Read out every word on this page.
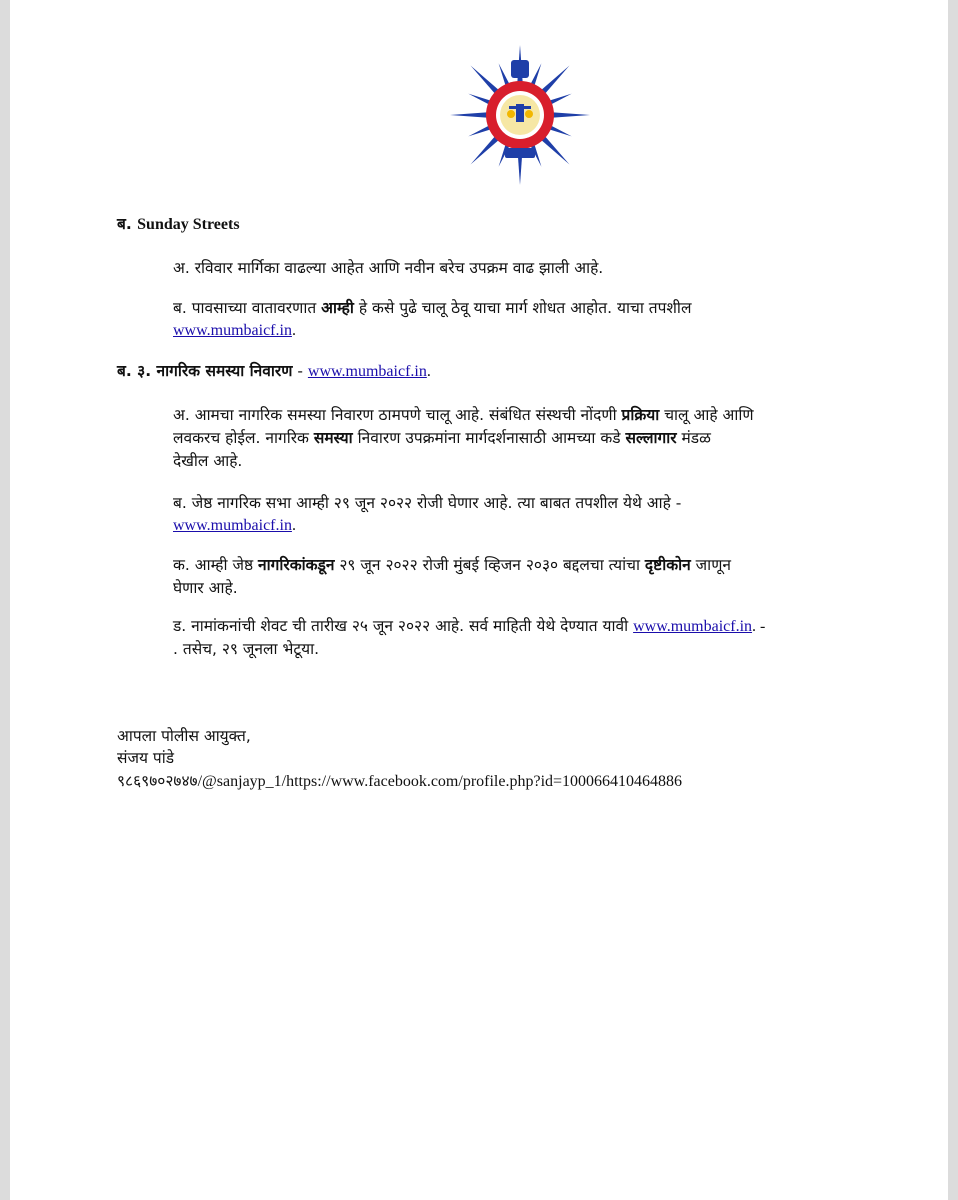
ब. Sunday Streets
अ. रविवार मार्गिका वाढल्या आहेत आणि नवीन बरेच उपक्रम वाढ झाली आहे.
ब. पावसाच्या वातावरणात आम्ही हे कसे पुढे चालू ठेवू याचा मार्ग शोधत आहोत. याचा तपशील
www.mumbaicf.in.
ब. ३. नागरिक समस्या निवारण - www.mumbaicf.in.
अ. आमचा नागरिक समस्या निवारण ठामपणे चालू आहे. संबंधित संस्थची नोंदणी प्रक्रिया चालू आहे आणि
लवकरच होईल. नागरिक समस्या निवारण उपक्रमांना मार्गदर्शनासाठी आमच्या कडे सल्लागार मंडळ
देखील आहे.
ब. जेष्ठ नागरिक सभा आम्ही २९ जून २०२२ रोजी घेणार आहे. त्या बाबत तपशील येथे आहे -
www.mumbaicf.in.
क. आम्ही जेष्ठ नागरिकांकडून २९ जून २०२२ रोजी मुंबई व्हिजन २०३० बद्दलचा त्यांचा दृष्टीकोन जाणून
घेणार आहे.
ड. नामांकनांची शेवट ची तारीख २५ जून २०२२ आहे. सर्व माहिती येथे देण्यात यावी www.mumbaicf.in. -
. तसेच, २९ जूनला भेटूया.
आपला पोलीस आयुक्त,
संजय पांडे
९८६९७०२७४७/@sanjayp_1/https://www.facebook.com/profile.php?id=100066410464886
